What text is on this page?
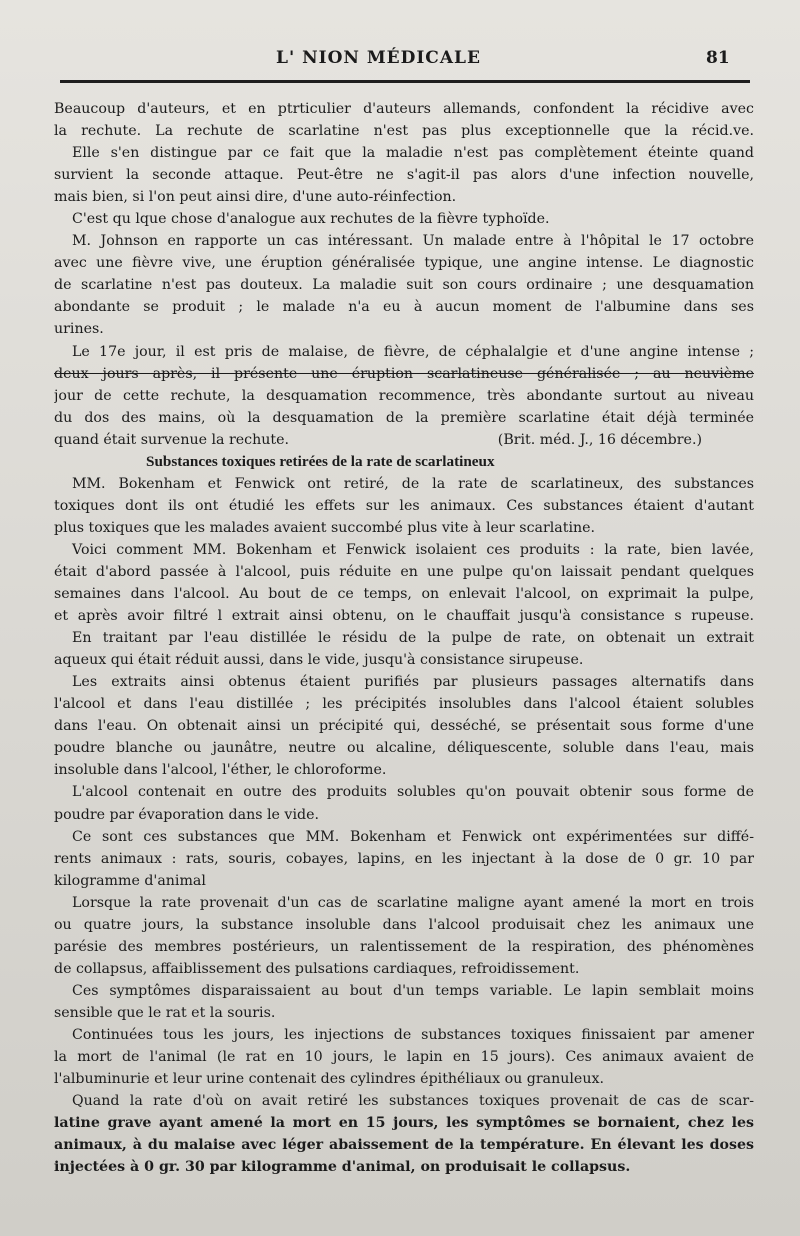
L' NION MÉDICALE	81
Beaucoup d'auteurs, et en ptrticulier d'auteurs allemands, confondent la récidive avec
la rechute. La rechute de scarlatine n'est pas plus exceptionnelle que la récid.ve.
Elle s'en distingue par ce fait que la maladie n'est pas complètement éteinte quand
survient la seconde attaque. Peut-être ne s'agit-il pas alors d'une infection nouvelle,
mais bien, si l'on peut ainsi dire, d'une auto-réinfection.
C'est qu lque chose d'analogue aux rechutes de la fièvre typhoïde.
M. Johnson en rapporte un cas intéressant. Un malade entre à l'hôpital le 17 octobre
avec une fièvre vive, une éruption généralisée typique, une angine intense. Le diagnostic
de scarlatine n'est pas douteux. La maladie suit son cours ordinaire ; une desquamation
abondante se produit ; le malade n'a eu à aucun moment de l'albumine dans ses
urines.
Le 17e jour, il est pris de malaise, de fièvre, de céphalalgie et d'une angine intense ;
deux jours après, il présente une éruption scarlatineuse généralisée ; au neuvième
jour de cette rechute, la desquamation recommence, très abondante surtout au niveau
du dos des mains, où la desquamation de la première scarlatine était déjà terminée
quand était survenue la rechute.	(Brit. méd. J., 16 décembre.)
Substances toxiques retirées de la rate de scarlatineux
MM. Bokenham et Fenwick ont retiré, de la rate de scarlatineux, des substances
toxiques dont ils ont étudié les effets sur les animaux. Ces substances étaient d'autant
plus toxiques que les malades avaient succombé plus vite à leur scarlatine.
Voici comment MM. Bokenham et Fenwick isolaient ces produits : la rate, bien lavée,
était d'abord passée à l'alcool, puis réduite en une pulpe qu'on laissait pendant quelques
semaines dans l'alcool. Au bout de ce temps, on enlevait l'alcool, on exprimait la pulpe,
et après avoir filtré l extrait ainsi obtenu, on le chauffait jusqu'à consistance s rupeuse.
En traitant par l'eau distillée le résidu de la pulpe de rate, on obtenait un extrait
aqueux qui était réduit aussi, dans le vide, jusqu'à consistance sirupeuse.
Les extraits ainsi obtenus étaient purifiés par plusieurs passages alternatifs dans
l'alcool et dans l'eau distillée ; les précipités insolubles dans l'alcool étaient solubles
dans l'eau. On obtenait ainsi un précipité qui, desséché, se présentait sous forme d'une
poudre blanche ou jaunâtre, neutre ou alcaline, déliquescente, soluble dans l'eau, mais
insoluble dans l'alcool, l'éther, le chloroforme.
L'alcool contenait en outre des produits solubles qu'on pouvait obtenir sous forme de
poudre par évaporation dans le vide.
Ce sont ces substances que MM. Bokenham et Fenwick ont expérimentées sur diffé-
rents animaux : rats, souris, cobayes, lapins, en les injectant à la dose de 0 gr. 10 par
kilogramme d'animal
Lorsque la rate provenait d'un cas de scarlatine maligne ayant amené la mort en trois
ou quatre jours, la substance insoluble dans l'alcool produisait chez les animaux une
parésie des membres postérieurs, un ralentissement de la respiration, des phénomènes
de collapsus, affaiblissement des pulsations cardiaques, refroidissement.
Ces symptômes disparaissaient au bout d'un temps variable. Le lapin semblait moins
sensible que le rat et la souris.
Continuées tous les jours, les injections de substances toxiques finissaient par amener
la mort de l'animal (le rat en 10 jours, le lapin en 15 jours). Ces animaux avaient de
l'albuminurie et leur urine contenait des cylindres épithéliaux ou granuleux.
Quand la rate d'où on avait retiré les substances toxiques provenait de cas de scar-
latine grave ayant amené la mort en 15 jours, les symptômes se bornaient, chez les
animaux, à du malaise avec léger abaissement de la température. En élevant les doses
injectées à 0 gr. 30 par kilogramme d'animal, on produisait le collapsus.
